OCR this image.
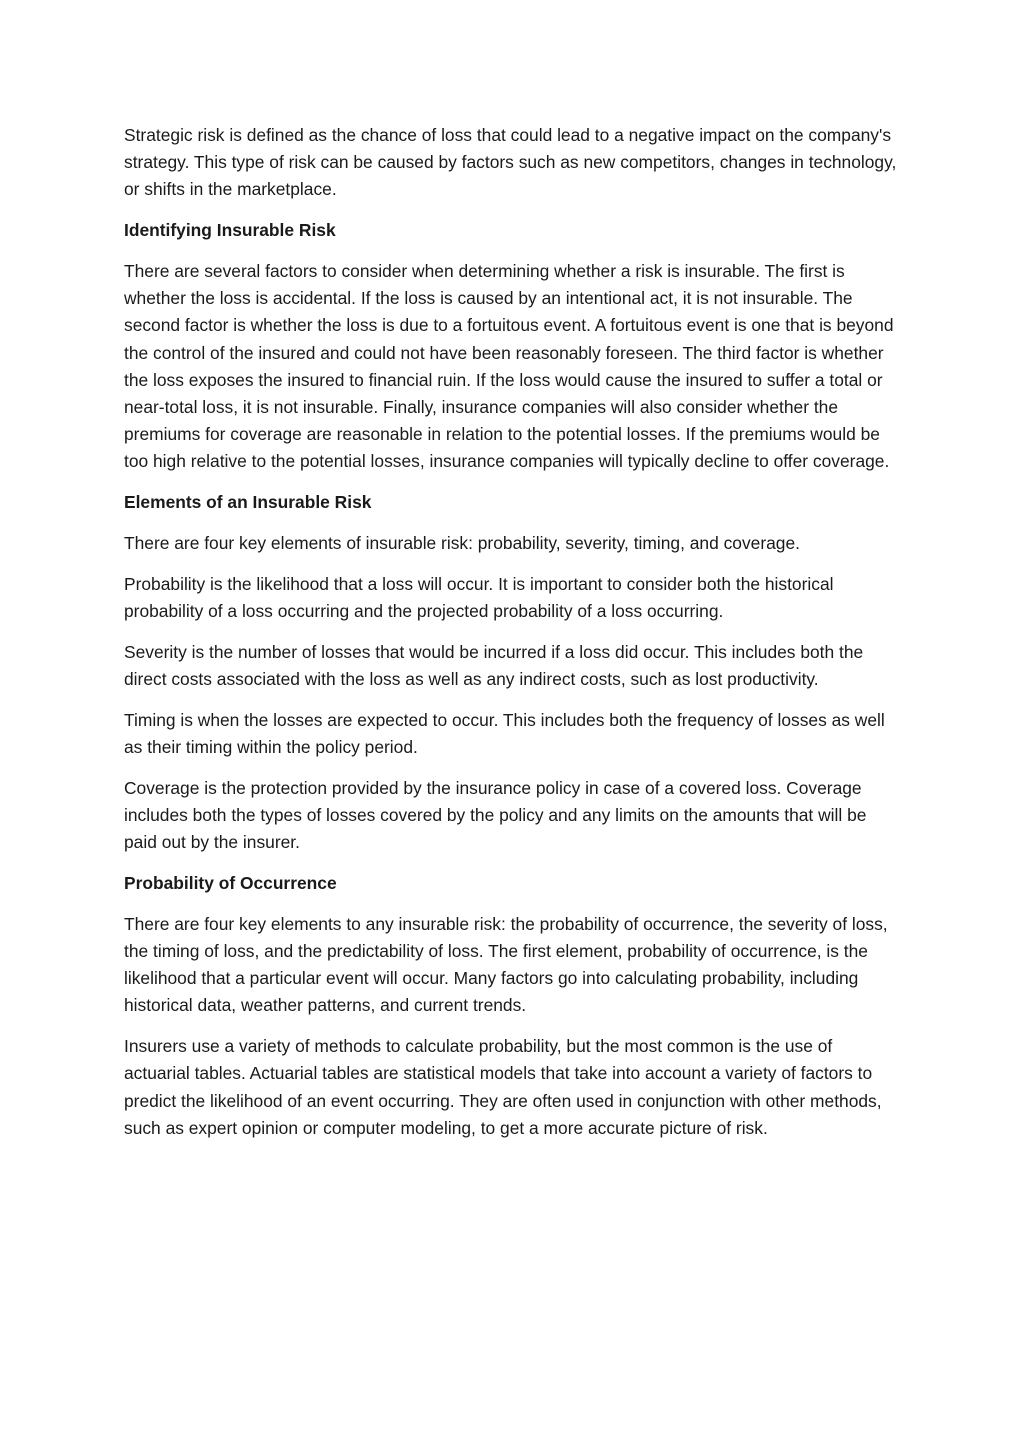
Strategic risk is defined as the chance of loss that could lead to a negative impact on the company's strategy. This type of risk can be caused by factors such as new competitors, changes in technology, or shifts in the marketplace.

Identifying Insurable Risk

There are several factors to consider when determining whether a risk is insurable. The first is whether the loss is accidental. If the loss is caused by an intentional act, it is not insurable. The second factor is whether the loss is due to a fortuitous event. A fortuitous event is one that is beyond the control of the insured and could not have been reasonably foreseen. The third factor is whether the loss exposes the insured to financial ruin. If the loss would cause the insured to suffer a total or near-total loss, it is not insurable. Finally, insurance companies will also consider whether the premiums for coverage are reasonable in relation to the potential losses. If the premiums would be too high relative to the potential losses, insurance companies will typically decline to offer coverage.

Elements of an Insurable Risk

There are four key elements of insurable risk: probability, severity, timing, and coverage.

Probability is the likelihood that a loss will occur. It is important to consider both the historical probability of a loss occurring and the projected probability of a loss occurring.

Severity is the number of losses that would be incurred if a loss did occur. This includes both the direct costs associated with the loss as well as any indirect costs, such as lost productivity.

Timing is when the losses are expected to occur. This includes both the frequency of losses as well as their timing within the policy period.

Coverage is the protection provided by the insurance policy in case of a covered loss. Coverage includes both the types of losses covered by the policy and any limits on the amounts that will be paid out by the insurer.

Probability of Occurrence

There are four key elements to any insurable risk: the probability of occurrence, the severity of loss, the timing of loss, and the predictability of loss. The first element, probability of occurrence, is the likelihood that a particular event will occur. Many factors go into calculating probability, including historical data, weather patterns, and current trends.

Insurers use a variety of methods to calculate probability, but the most common is the use of actuarial tables. Actuarial tables are statistical models that take into account a variety of factors to predict the likelihood of an event occurring. They are often used in conjunction with other methods, such as expert opinion or computer modeling, to get a more accurate picture of risk.
